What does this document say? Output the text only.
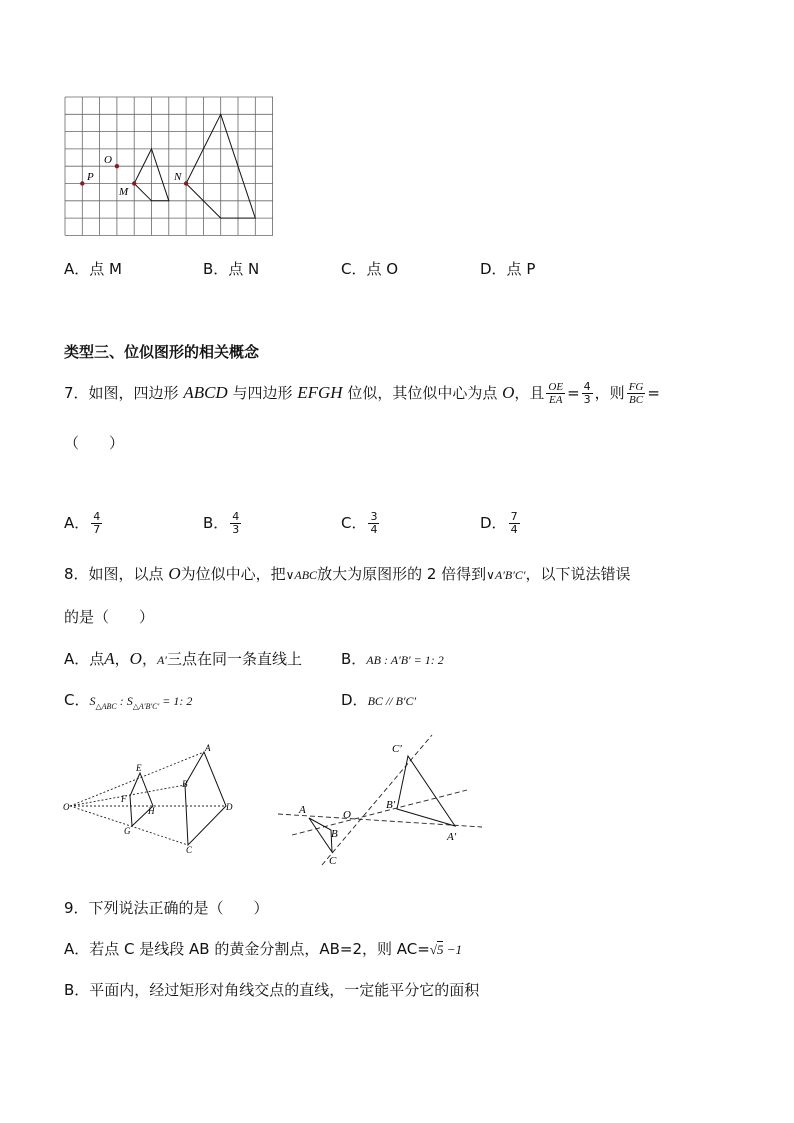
P
O
M
N
A．点 M	B．点 N	C．点 O	D．点 P
类型三、位似图形的相关概念
7．如图，四边形 ABCD 与四边形 EFGH 位似，其位似中心为点 O，且 $\frac{OE}{EA} = \frac{4}{3}$ ，则 $\frac{FG}{BC}$ =
（　　）
A． $\frac{4}{7}$	B． $\frac{4}{3}$	C． $\frac{3}{4}$	D． $\frac{7}{4}$
8．如图，以点 O为位似中心，把∨ABC放大为原图形的 2 倍得到∨A′B′C′，以下说法错误
的是（　　）
A．点A，O，A′三点在同一条直线上	B．AB : A′B′ = 1: 2
C．$S_{\triangle ABC}$ : $S_{\triangle A'B'C'} = 1$: 2	D．BC // B′C′
O
E
F
G
H
A
B
C
D
C′
B′
A′
A	O
B
C
9．下列说法正确的是（　　）
A．若点 C 是线段 AB 的黄金分割点，AB=2，则 AC=√5 −1
B．平面内，经过矩形对角线交点的直线，一定能平分它的面积
